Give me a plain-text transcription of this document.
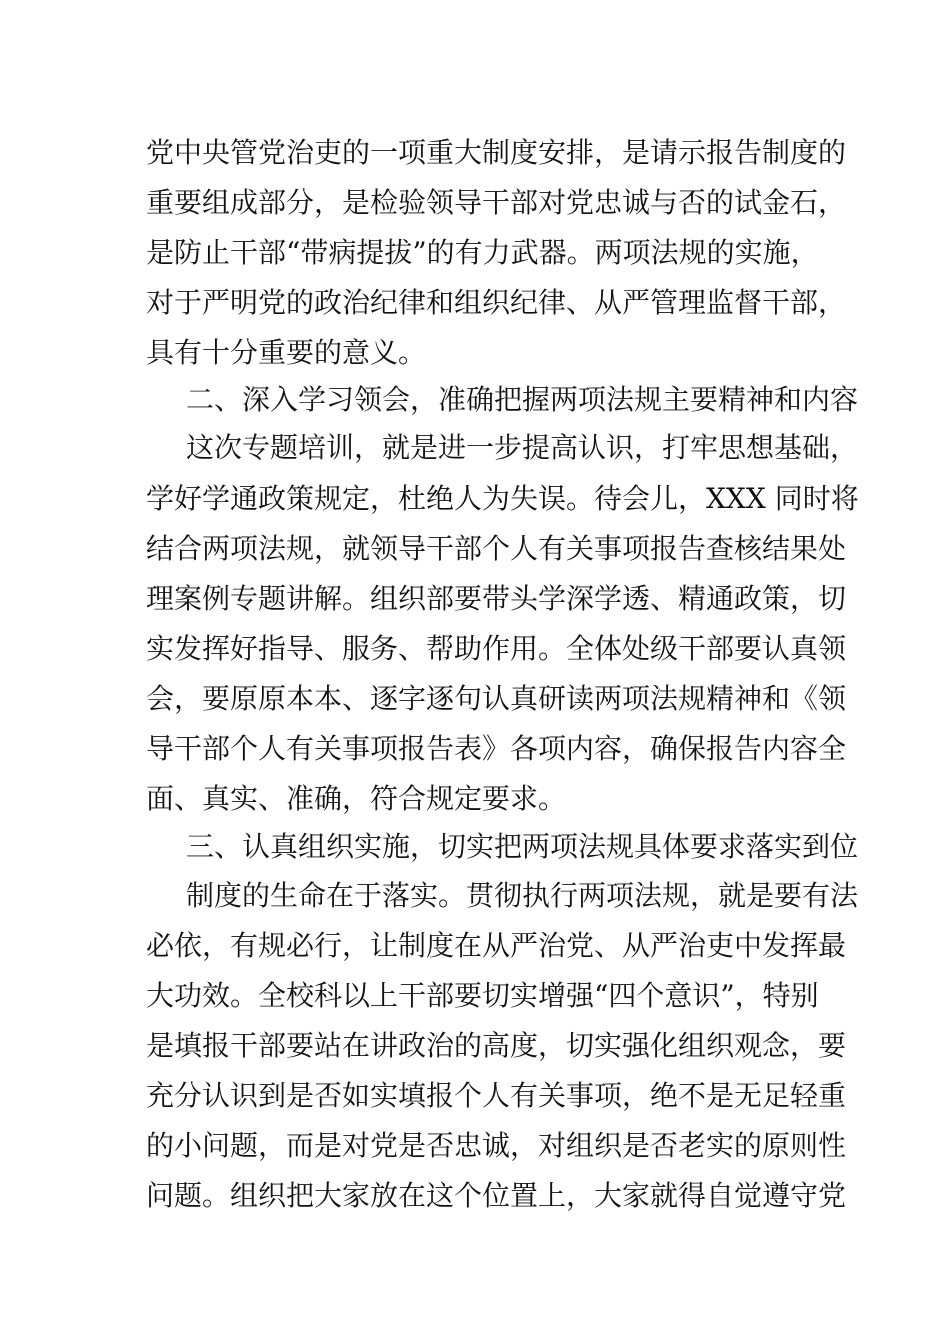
党中央管党治吏的一项重大制度安排，是请示报告制度的
重要组成部分，是检验领导干部对党忠诚与否的试金石，
是防止干部“带病提拔”的有力武器。两项法规的实施，
对于严明党的政治纪律和组织纪律、从严管理监督干部，
具有十分重要的意义。
二、深入学习领会，准确把握两项法规主要精神和内容
这次专题培训，就是进一步提高认识，打牢思想基础，
学好学通政策规定，杜绝人为失误。待会儿，XXX 同时将
结合两项法规，就领导干部个人有关事项报告查核结果处
理案例专题讲解。组织部要带头学深学透、精通政策，切
实发挥好指导、服务、帮助作用。全体处级干部要认真领
会，要原原本本、逐字逐句认真研读两项法规精神和《领
导干部个人有关事项报告表》各项内容，确保报告内容全
面、真实、准确，符合规定要求。
三、认真组织实施，切实把两项法规具体要求落实到位
制度的生命在于落实。贯彻执行两项法规，就是要有法
必依，有规必行，让制度在从严治党、从严治吏中发挥最
大功效。全校科以上干部要切实增强“四个意识”，特别
是填报干部要站在讲政治的高度，切实强化组织观念，要
充分认识到是否如实填报个人有关事项，绝不是无足轻重
的小问题，而是对党是否忠诚，对组织是否老实的原则性
问题。组织把大家放在这个位置上，大家就得自觉遵守党
